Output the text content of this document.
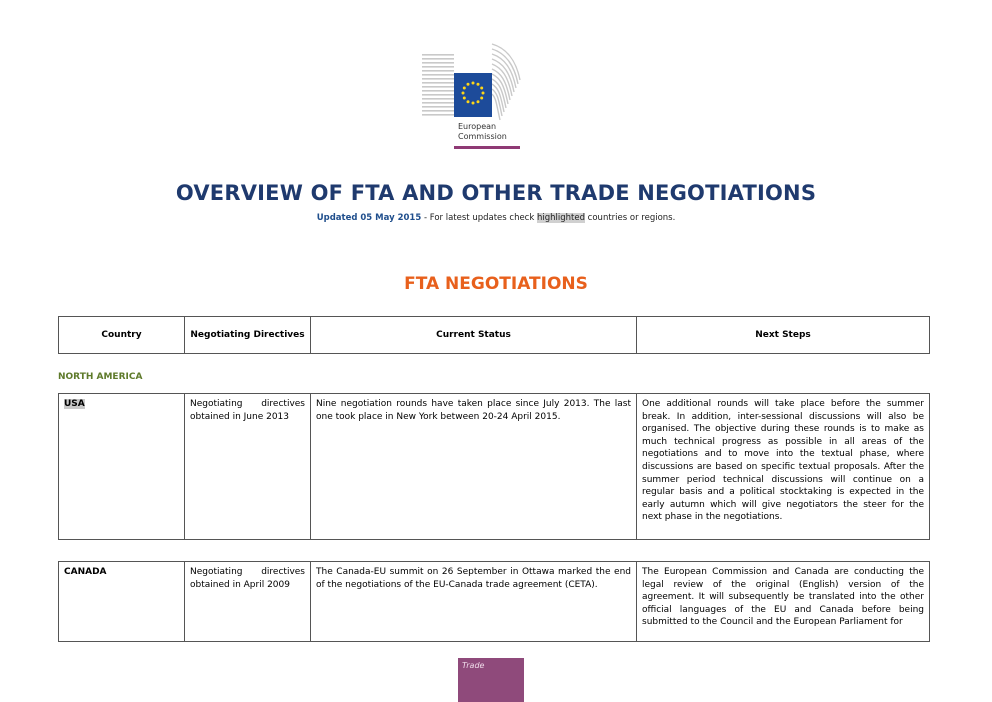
European
Commission
OVERVIEW OF FTA AND OTHER TRADE NEGOTIATIONS
Updated 05 May 2015 - For latest updates check highlighted countries or regions.
FTA NEGOTIATIONS
Country	Negotiating Directives	Current Status	Next Steps
NORTH AMERICA
USA	Negotiating directives obtained in June 2013	Nine negotiation rounds have taken place since July 2013. The last one took place in New York between 20-24 April 2015.	One additional rounds will take place before the summer break. In addition, inter-sessional discussions will also be organised. The objective during these rounds is to make as much technical progress as possible in all areas of the negotiations and to move into the textual phase, where discussions are based on specific textual proposals. After the summer period technical discussions will continue on a regular basis and a political stocktaking is expected in the early autumn which will give negotiators the steer for the next phase in the negotiations.
CANADA	Negotiating directives obtained in April 2009	The Canada-EU summit on 26 September in Ottawa marked the end of the negotiations of the EU-Canada trade agreement (CETA).	The European Commission and Canada are conducting the legal review of the original (English) version of the agreement. It will subsequently be translated into the other official languages of the EU and Canada before being submitted to the Council and the European Parliament for
Trade
